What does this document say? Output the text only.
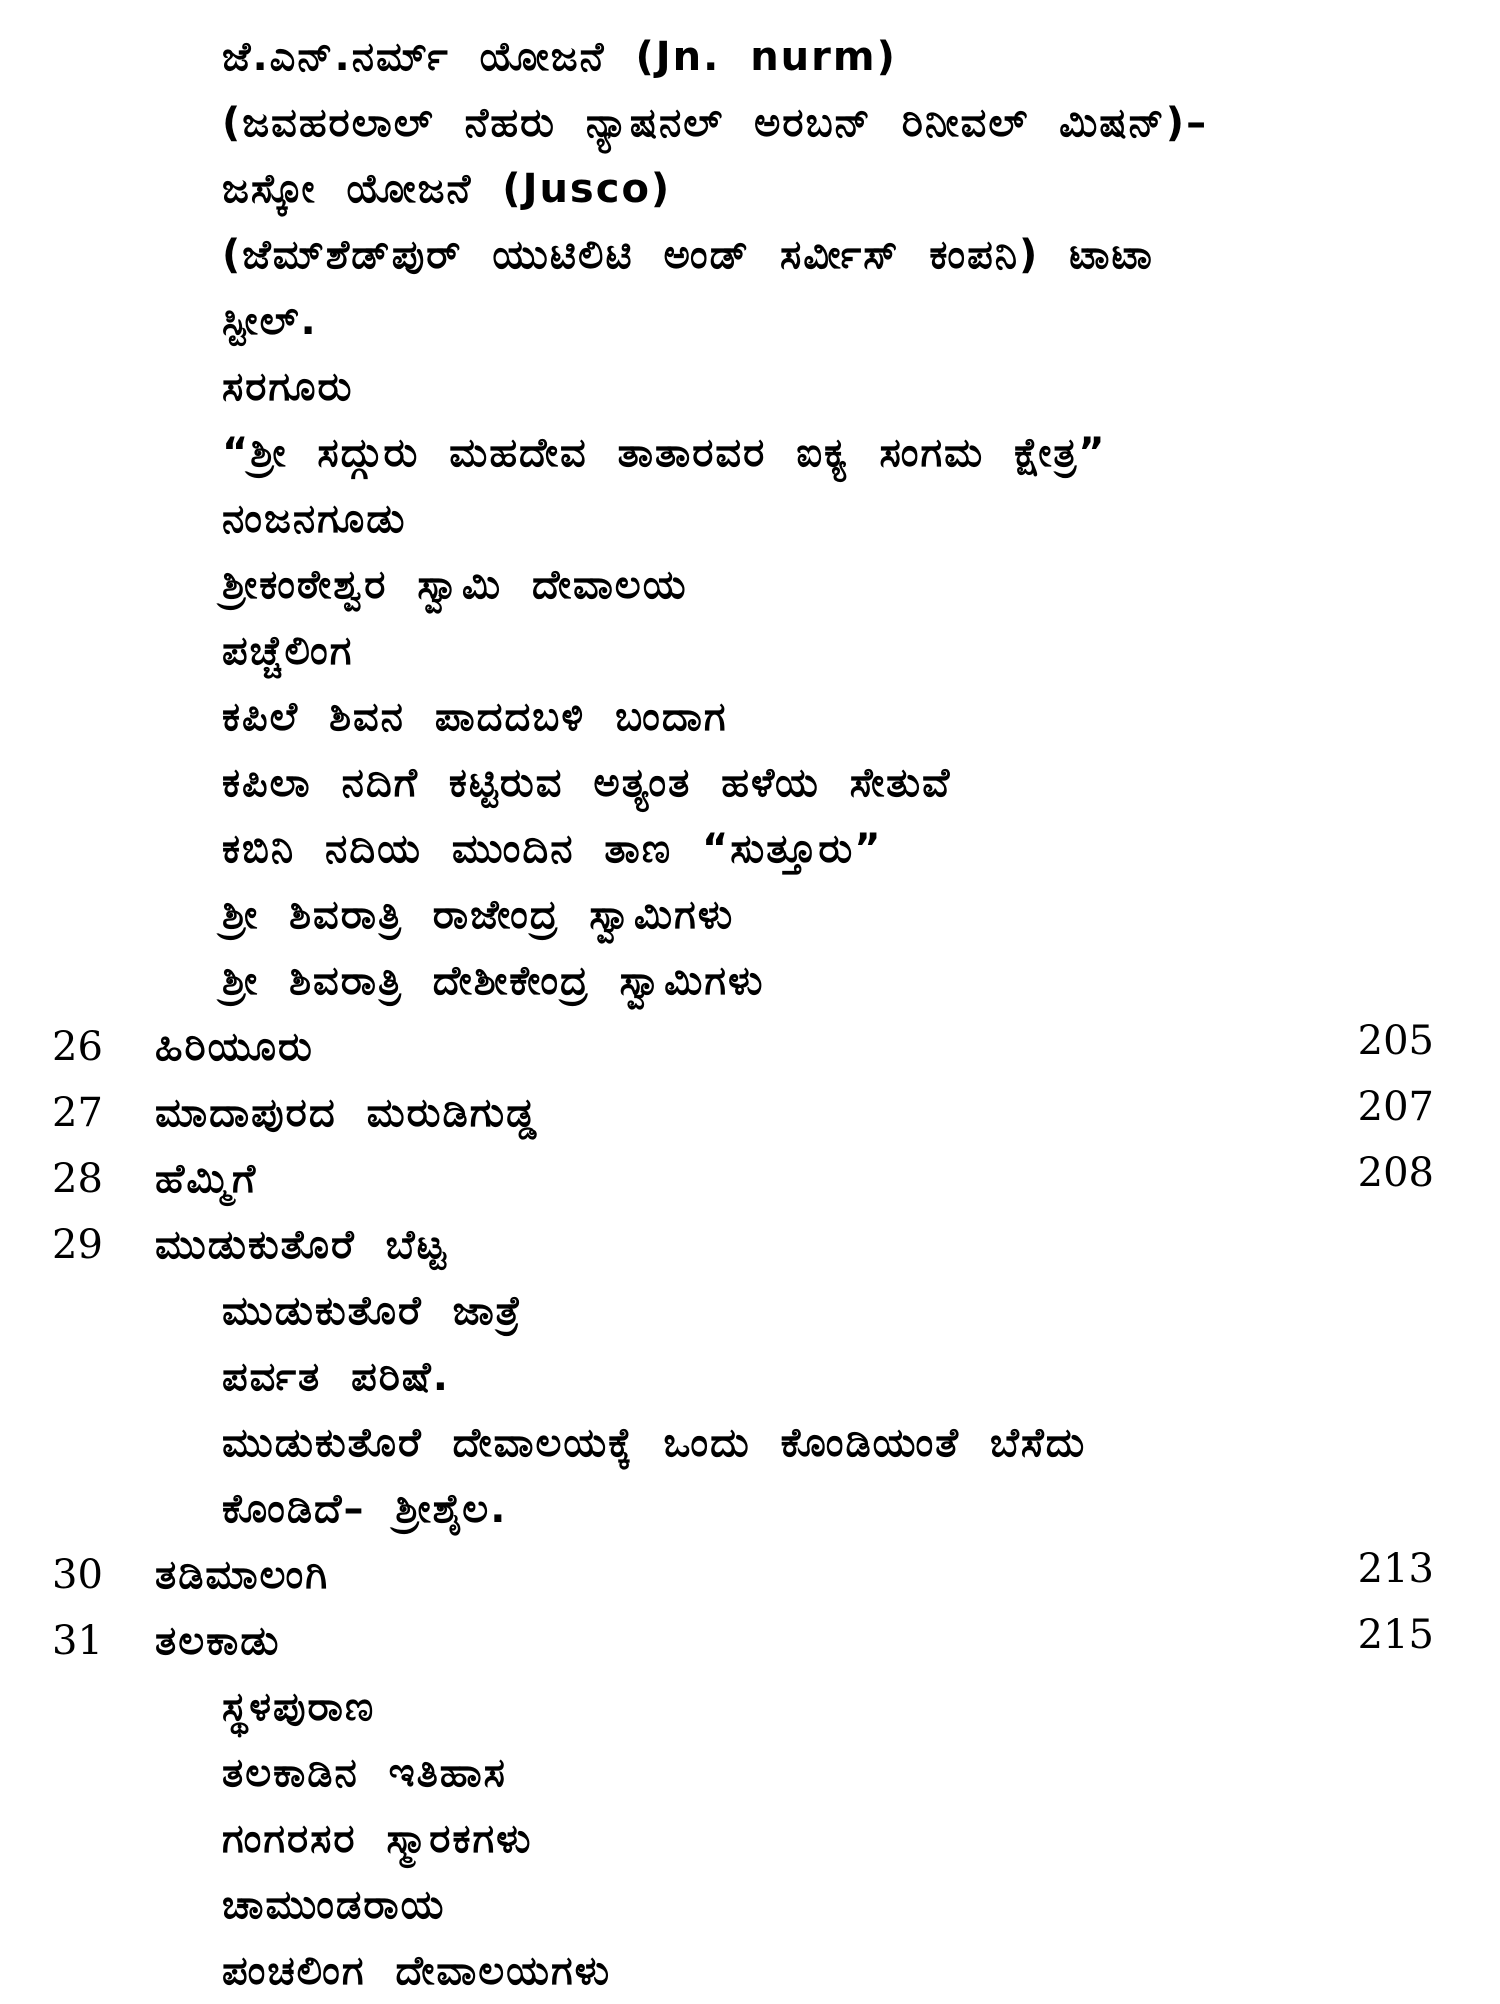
ಜೆ.ಎನ್.ನರ್ಮ್ ಯೋಜನೆ (Jn. nurm)
(ಜವಹರಲಾಲ್ ನೆಹರು ನ್ಯಾಷನಲ್ ಅರಬನ್ ರಿನೀವಲ್ ಮಿಷನ್)–
ಜಸ್ಕೋ ಯೋಜನೆ (Jusco)
(ಜೆಮ್‌ಶೆಡ್‌ಪುರ್ ಯುಟಿಲಿಟಿ ಅಂಡ್ ಸರ್ವೀಸ್ ಕಂಪನಿ) ಟಾಟಾ
ಸ್ಟೀಲ್.
ಸರಗೂರು
“ಶ್ರೀ ಸದ್ಗುರು ಮಹದೇವ ತಾತಾರವರ ಐಕ್ಯ ಸಂಗಮ ಕ್ಷೇತ್ರ”
ನಂಜನಗೂಡು
ಶ್ರೀಕಂಠೇಶ್ವರ ಸ್ವಾಮಿ ದೇವಾಲಯ
ಪಚ್ಚೆಲಿಂಗ
ಕಪಿಲೆ ಶಿವನ ಪಾದದಬಳಿ ಬಂದಾಗ
ಕಪಿಲಾ ನದಿಗೆ ಕಟ್ಟಿರುವ ಅತ್ಯಂತ ಹಳೆಯ ಸೇತುವೆ
ಕಬಿನಿ ನದಿಯ ಮುಂದಿನ ತಾಣ “ಸುತ್ತೂರು”
ಶ್ರೀ ಶಿವರಾತ್ರಿ ರಾಜೇಂದ್ರ ಸ್ವಾಮಿಗಳು
ಶ್ರೀ ಶಿವರಾತ್ರಿ ದೇಶೀಕೇಂದ್ರ ಸ್ವಾಮಿಗಳು
26 ಹಿರಿಯೂರು	205
27 ಮಾದಾಪುರದ ಮರುಡಿಗುಡ್ಡ	207
28 ಹೆಮ್ಮಿಗೆ	208
29 ಮುಡುಕುತೊರೆ ಬೆಟ್ಟ
ಮುಡುಕುತೊರೆ ಜಾತ್ರೆ
ಪರ್ವತ ಪರಿಷೆ.
ಮುಡುಕುತೊರೆ ದೇವಾಲಯಕ್ಕೆ ಒಂದು ಕೊಂಡಿಯಂತೆ ಬೆಸೆದು
ಕೊಂಡಿದೆ– ಶ್ರೀಶೈಲ.
30 ತಡಿಮಾಲಂಗಿ	213
31 ತಲಕಾಡು	215
ಸ್ಥಳಪುರಾಣ
ತಲಕಾಡಿನ ಇತಿಹಾಸ
ಗಂಗರಸರ ಸ್ಮಾರಕಗಳು
ಚಾಮುಂಡರಾಯ
ಪಂಚಲಿಂಗ ದೇವಾಲಯಗಳು
